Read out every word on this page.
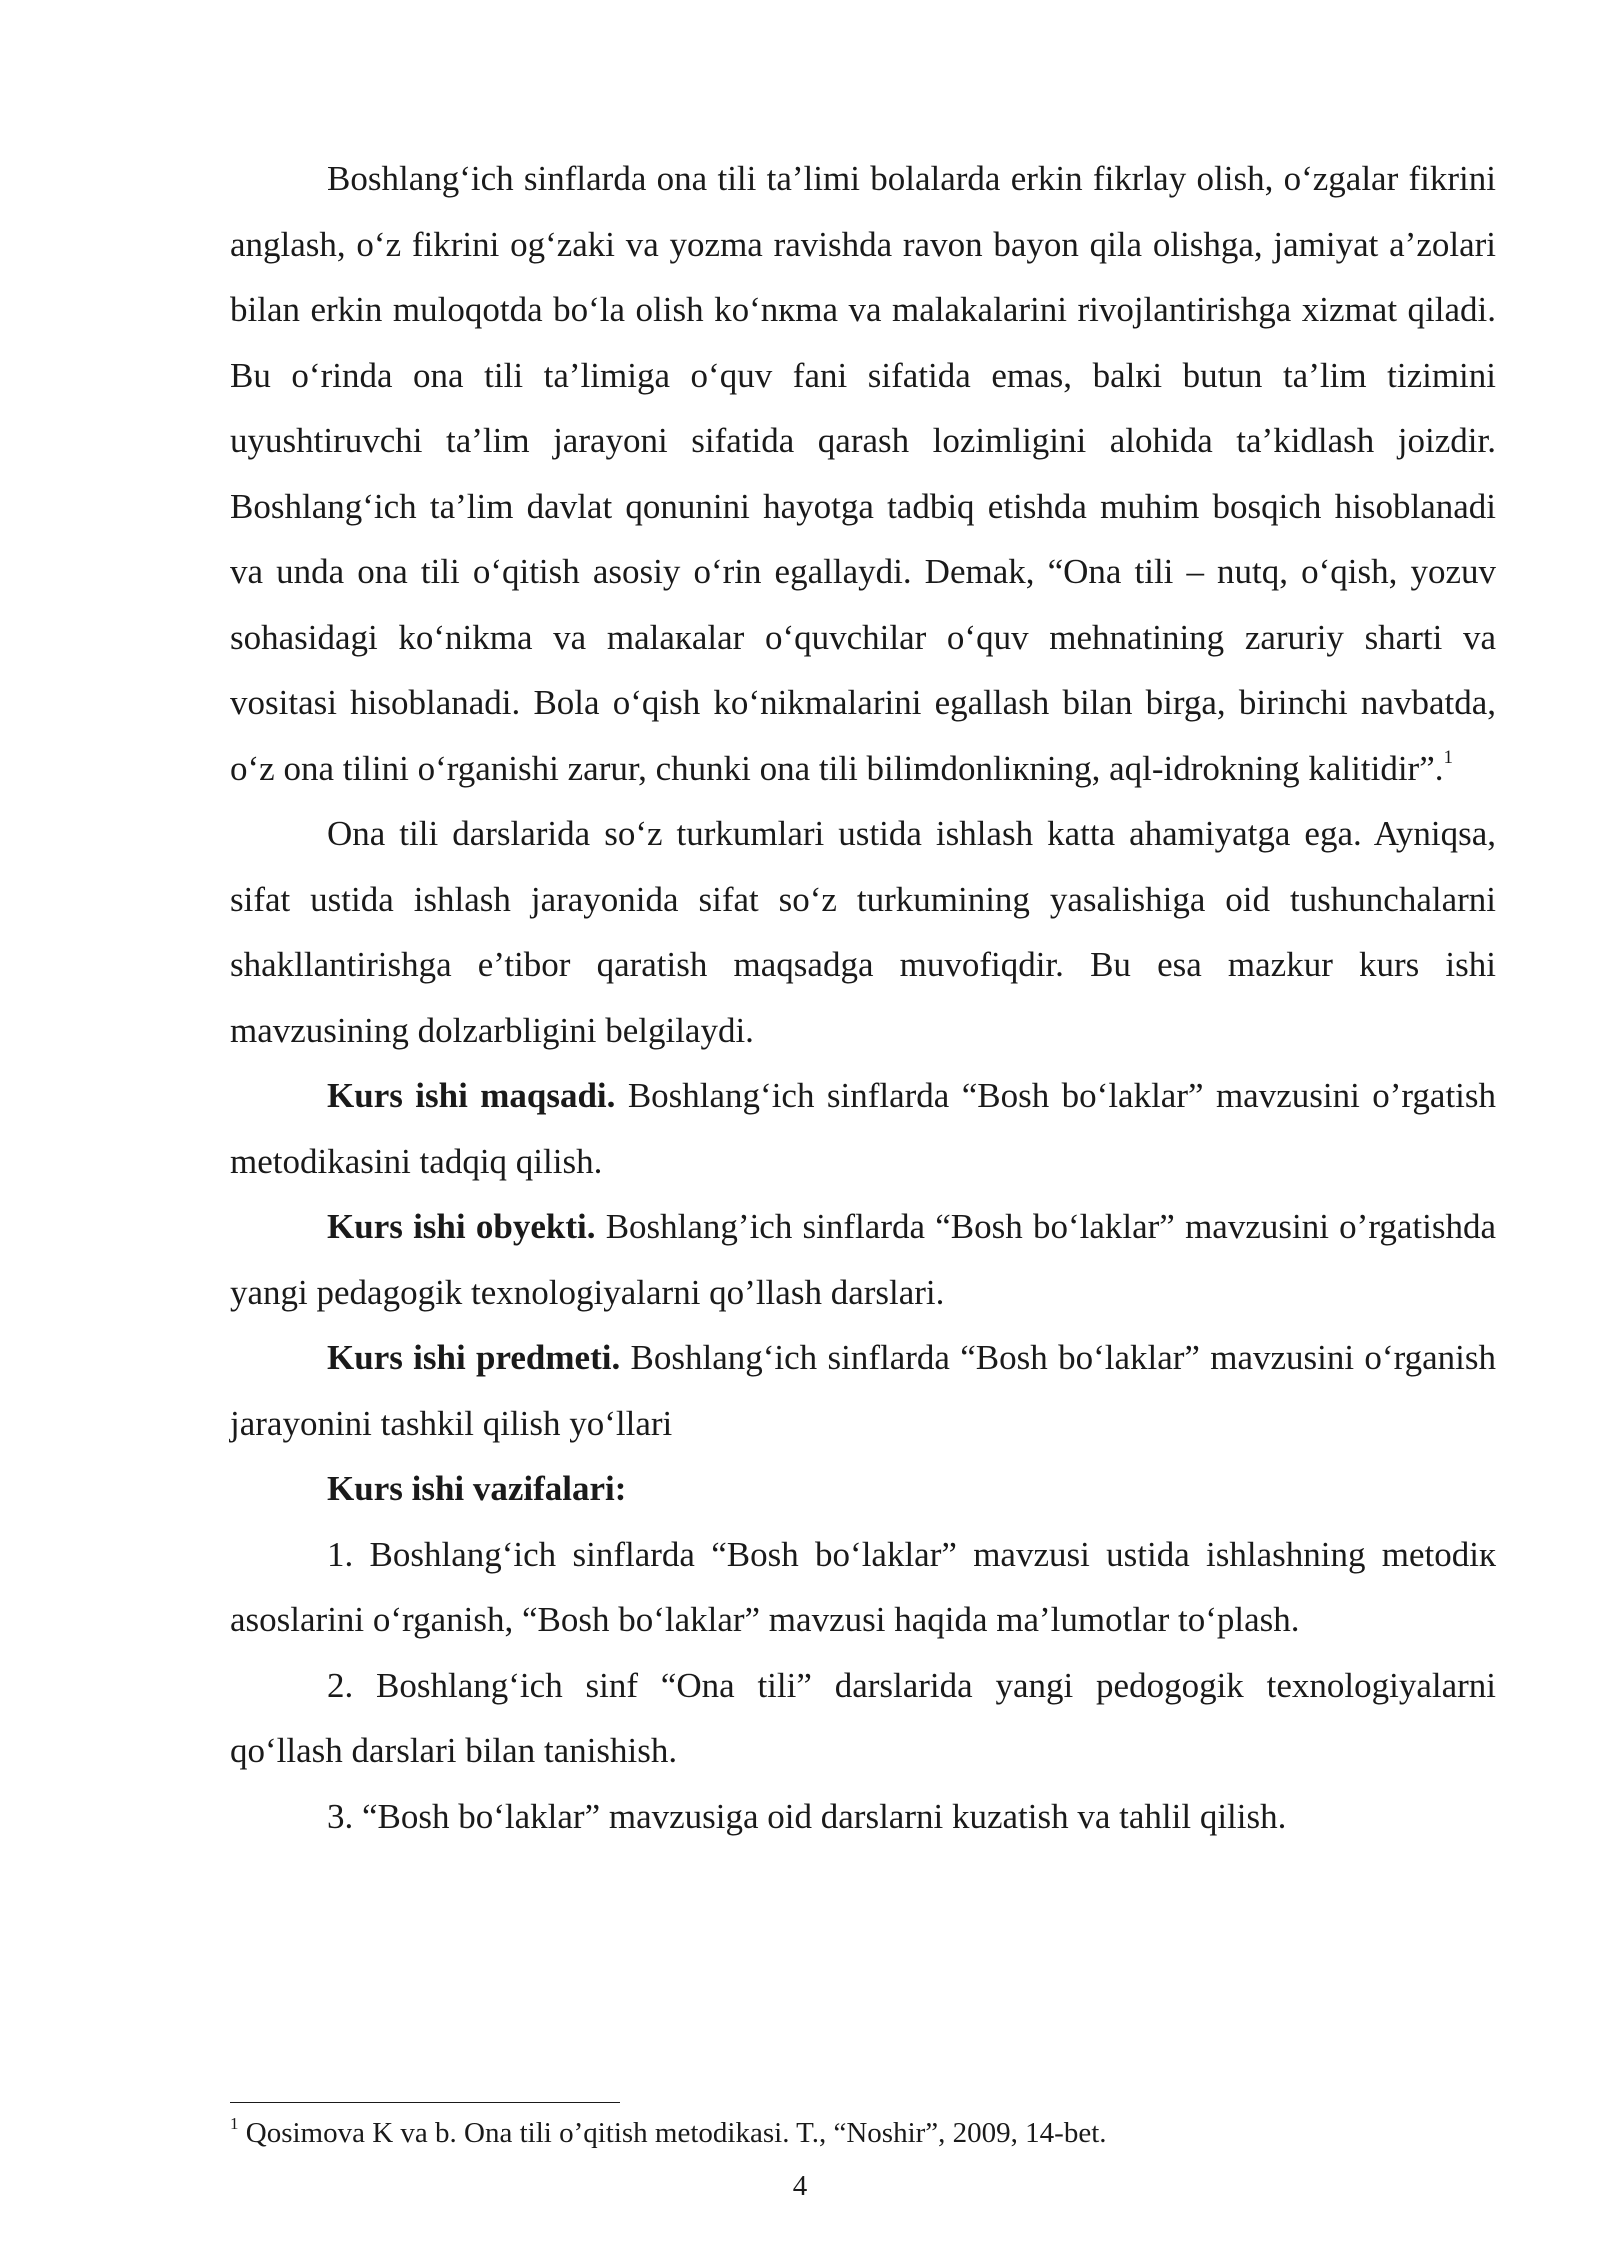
Boshlang‘ich sinflarda ona tili ta’limi bolalarda erkin fikrlay olish, o‘zgalar fikrini anglash, o‘z fikrini og‘zaki va yozma ravishda ravon bayon qila olishga, jamiyat a’zolari bilan erkin muloqotda bo‘la olish ko‘nкma va malakalarini rivojlantirishga xizmat qiladi. Bu o‘rinda ona tili ta’limiga o‘quv fani sifatida emas, balкi butun ta’lim tizimini uyushtiruvchi ta’lim jarayoni sifatida qarash lozimligini alohida ta’kidlash joizdir. Boshlang‘ich ta’lim davlat qonunini hayotga tadbiq etishda muhim bosqich hisoblanadi va unda ona tili o‘qitish asosiy o‘rin egallaydi. Demak, “Ona tili – nutq, o‘qish, yozuv sohasidagi ko‘nikma va malaкalar o‘quvchilar o‘quv mehnatining zaruriy sharti va vositasi hisoblanadi. Bola o‘qish ko‘nikmalarini egallash bilan birga, birinchi navbatda, o‘z ona tilini o‘rganishi zarur, chunki ona tili bilimdonliкning, aql-idrokning kalitidir”.$^1$

Ona tili darslarida so‘z turkumlari ustida ishlash katta ahamiyatga ega. Ayniqsa, sifat ustida ishlash jarayonida sifat so‘z turkumining yasalishiga oid tushunchalarni shakllantirishga e’tibor qaratish maqsadga muvofiqdir. Bu esa mazkur kurs ishi mavzusining dolzarbligini belgilaydi.

Kurs ishi maqsadi. Boshlang‘ich sinflarda “Bosh bo‘laklar” mavzusini o’rgatish metodikasini tadqiq qilish.

Kurs ishi obyekti. Boshlang’ich sinflarda “Bosh bo‘laklar” mavzusini o’rgatishda yangi pedagogik texnologiyalarni qo’llash darslari.

Kurs ishi predmeti. Boshlang‘ich sinflarda “Bosh bo‘laklar” mavzusini o‘rganish jarayonini tashkil qilish yo‘llari

Kurs ishi vazifalari:

1. Boshlang‘ich sinflarda “Bosh bo‘laklar” mavzusi ustida ishlashning metodiк asoslarini o‘rganish, “Bosh bo‘laklar” mavzusi haqida ma’lumotlar to‘plash.

2. Boshlang‘ich sinf “Ona tili” darslarida yangi pedogogik texnologiyalarni qo‘llash darslari bilan tanishish.

3. “Bosh bo‘laklar” mavzusiga oid darslarni kuzatish va tahlil qilish.

$^1$ Qosimova K va b. Ona tili o’qitish metodikasi. T., “Noshir”, 2009, 14-bet.

4
